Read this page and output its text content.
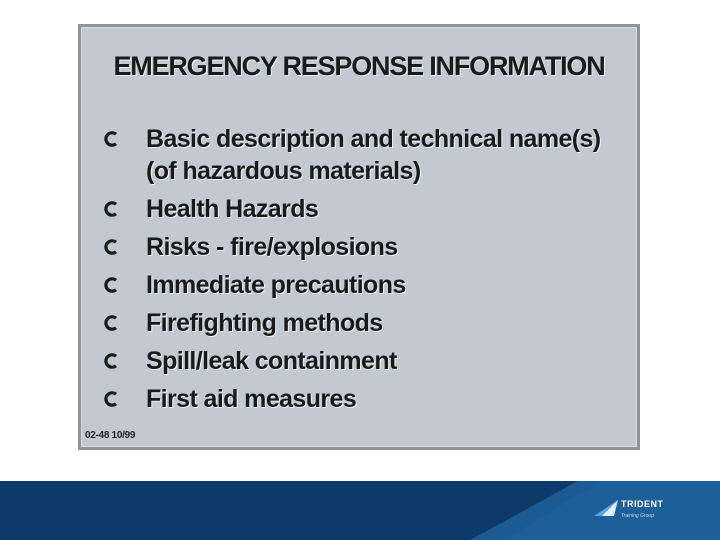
EMERGENCY RESPONSE INFORMATION
Basic description and technical name(s)
(of hazardous materials)
Health Hazards
Risks - fire/explosions
Immediate precautions
Firefighting methods
Spill/leak containment
First aid measures
02-48 10/99
TRIDENT
Training Group
